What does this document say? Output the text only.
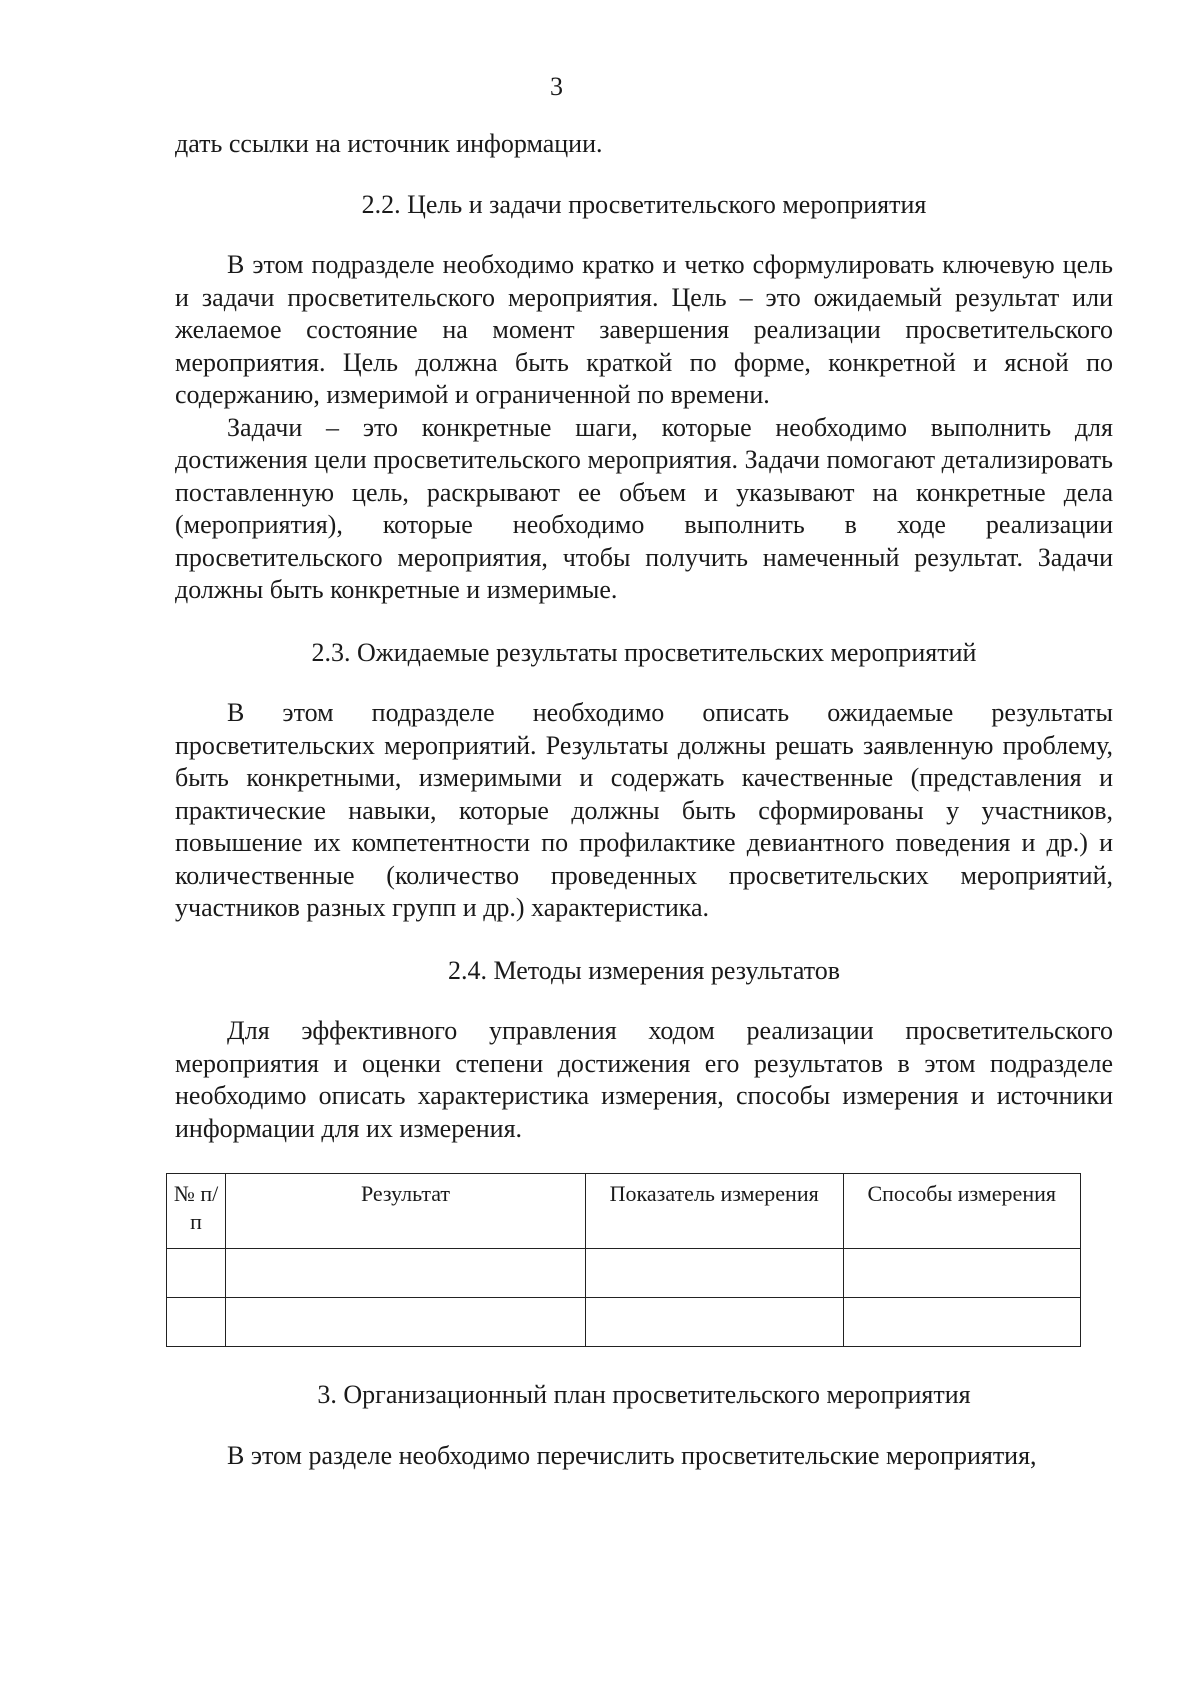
3

дать ссылки на источник информации.

2.2. Цель и задачи просветительского мероприятия

В этом подразделе необходимо кратко и четко сформулировать ключевую цель и задачи просветительского мероприятия. Цель – это ожидаемый результат или желаемое состояние на момент завершения реализации просветительского мероприятия. Цель должна быть краткой по форме, конкретной и ясной по содержанию, измеримой и ограниченной по времени.

Задачи – это конкретные шаги, которые необходимо выполнить для достижения цели просветительского мероприятия. Задачи помогают детализировать поставленную цель, раскрывают ее объем и указывают на конкретные дела (мероприятия), которые необходимо выполнить в ходе реализации просветительского мероприятия, чтобы получить намеченный результат. Задачи должны быть конкретные и измеримые.

2.3. Ожидаемые результаты просветительских мероприятий

В этом подразделе необходимо описать ожидаемые результаты просветительских мероприятий. Результаты должны решать заявленную проблему, быть конкретными, измеримыми и содержать качественные (представления и практические навыки, которые должны быть сформированы у участников, повышение их компетентности по профилактике девиантного поведения и др.) и количественные (количество проведенных просветительских мероприятий, участников разных групп и др.) характеристика.

2.4. Методы измерения результатов

Для эффективного управления ходом реализации просветительского мероприятия и оценки степени достижения его результатов в этом подразделе необходимо описать характеристика измерения, способы измерения и источники информации для их измерения.

№ п/п	Результат	Показатель измерения	Способы измерения

3. Организационный план просветительского мероприятия

В этом разделе необходимо перечислить просветительские мероприятия,
